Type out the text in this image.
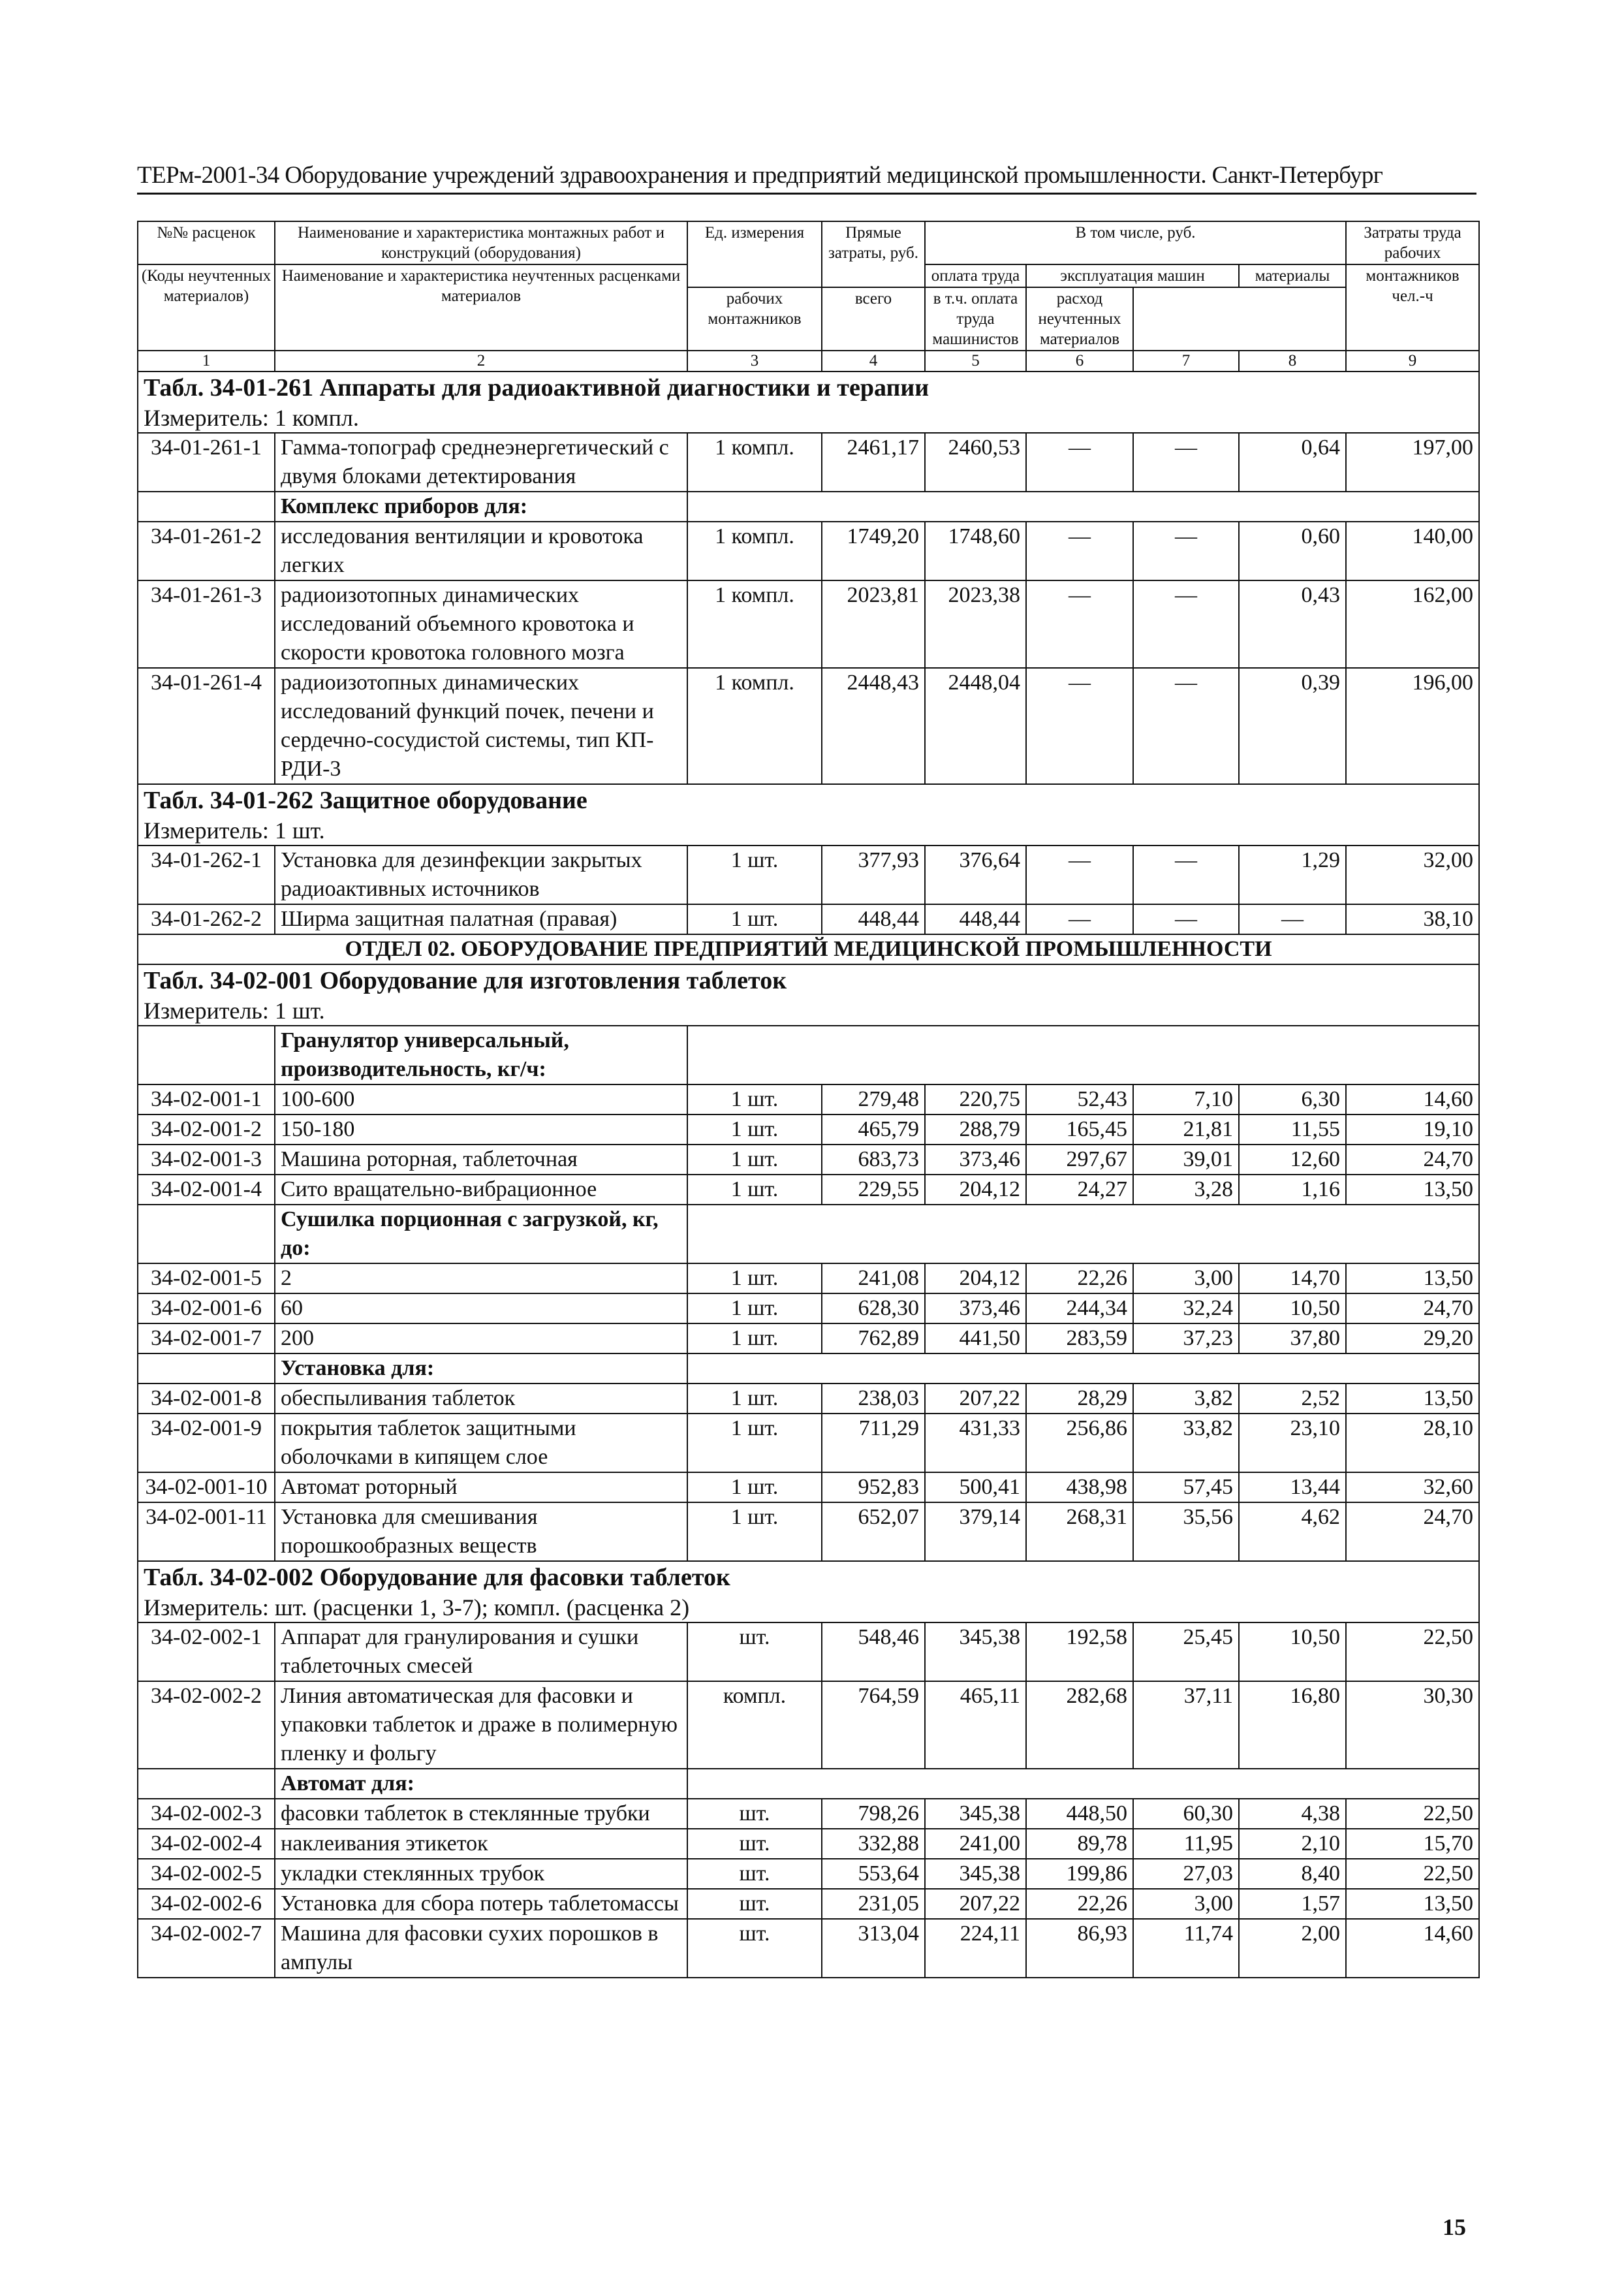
ТЕРм-2001-34 Оборудование учреждений здравоохранения и предприятий медицинской промышленности. Санкт-Петербург
№№ расценок	Наименование и характеристика монтажных работ и конструкций (оборудования)	Ед. измерения	Прямые затраты, руб.	В том числе, руб.				Затраты труда рабочих
(Коды неучтенных материалов)	Наименование и характеристика неучтенных расценками материалов			оплата труда	эксплуатация машин		материалы	монтажников чел.-ч
		рабочих монтажников	всего	в т.ч. оплата труда машинистов	расход неучтенных материалов			
1	2	3	4	5	6	7	8	9

Табл. 34-01-261 Аппараты для радиоактивной диагностики и терапии
Измеритель: 1 компл.								

34-01-261-1	Гамма-топограф среднеэнергетический с двумя блоками детектирования	1 компл.	2461,17	2460,53	—	—	0,64	197,00
	Комплекс приборов для:							
34-01-261-2	исследования вентиляции и кровотока легких	1 компл.	1749,20	1748,60	—	—	0,60	140,00
34-01-261-3	радиоизотопных динамических исследований объемного кровотока и скорости кровотока головного мозга	1 компл.	2023,81	2023,38	—	—	0,43	162,00
34-01-261-4	радиоизотопных динамических исследований функций почек, печени и сердечно-сосудистой системы, тип КП-РДИ-3	1 компл.	2448,43	2448,04	—	—	0,39	196,00

Табл. 34-01-262 Защитное оборудование
Измеритель: 1 шт.								

34-01-262-1	Установка для дезинфекции закрытых радиоактивных источников	1 шт.	377,93	376,64	—	—	1,29	32,00
34-01-262-2	Ширма защитная палатная (правая)	1 шт.	448,44	448,44	—	—	—	38,10
ОТДЕЛ 02. ОБОРУДОВАНИЕ ПРЕДПРИЯТИЙ МЕДИЦИНСКОЙ ПРОМЫШЛЕННОСТИ								

Табл. 34-02-001 Оборудование для изготовления таблеток
Измеритель: 1 шт.								

	Гранулятор универсальный, производительность, кг/ч:							
34-02-001-1	100-600	1 шт.	279,48	220,75	52,43	7,10	6,30	14,60
34-02-001-2	150-180	1 шт.	465,79	288,79	165,45	21,81	11,55	19,10
34-02-001-3	Машина роторная, таблеточная	1 шт.	683,73	373,46	297,67	39,01	12,60	24,70
34-02-001-4	Сито вращательно-вибрационное	1 шт.	229,55	204,12	24,27	3,28	1,16	13,50
	Сушилка порционная с загрузкой, кг, до:							
34-02-001-5	2	1 шт.	241,08	204,12	22,26	3,00	14,70	13,50
34-02-001-6	60	1 шт.	628,30	373,46	244,34	32,24	10,50	24,70
34-02-001-7	200	1 шт.	762,89	441,50	283,59	37,23	37,80	29,20
	Установка для:							
34-02-001-8	обеспыливания таблеток	1 шт.	238,03	207,22	28,29	3,82	2,52	13,50
34-02-001-9	покрытия таблеток защитными оболочками в кипящем слое	1 шт.	711,29	431,33	256,86	33,82	23,10	28,10
34-02-001-10	Автомат роторный	1 шт.	952,83	500,41	438,98	57,45	13,44	32,60
34-02-001-11	Установка для смешивания порошкообразных веществ	1 шт.	652,07	379,14	268,31	35,56	4,62	24,70

Табл. 34-02-002 Оборудование для фасовки таблеток
Измеритель: шт. (расценки 1, 3-7); компл. (расценка 2)								

34-02-002-1	Аппарат для гранулирования и сушки таблеточных смесей	шт.	548,46	345,38	192,58	25,45	10,50	22,50
34-02-002-2	Линия автоматическая для фасовки и упаковки таблеток и драже в полимерную пленку и фольгу	компл.	764,59	465,11	282,68	37,11	16,80	30,30
	Автомат для:							
34-02-002-3	фасовки таблеток в стеклянные трубки	шт.	798,26	345,38	448,50	60,30	4,38	22,50
34-02-002-4	наклеивания этикеток	шт.	332,88	241,00	89,78	11,95	2,10	15,70
34-02-002-5	укладки стеклянных трубок	шт.	553,64	345,38	199,86	27,03	8,40	22,50
34-02-002-6	Установка для сбора потерь таблетомассы	шт.	231,05	207,22	22,26	3,00	1,57	13,50
34-02-002-7	Машина для фасовки сухих порошков в ампулы	шт.	313,04	224,11	86,93	11,74	2,00	14,60
15
